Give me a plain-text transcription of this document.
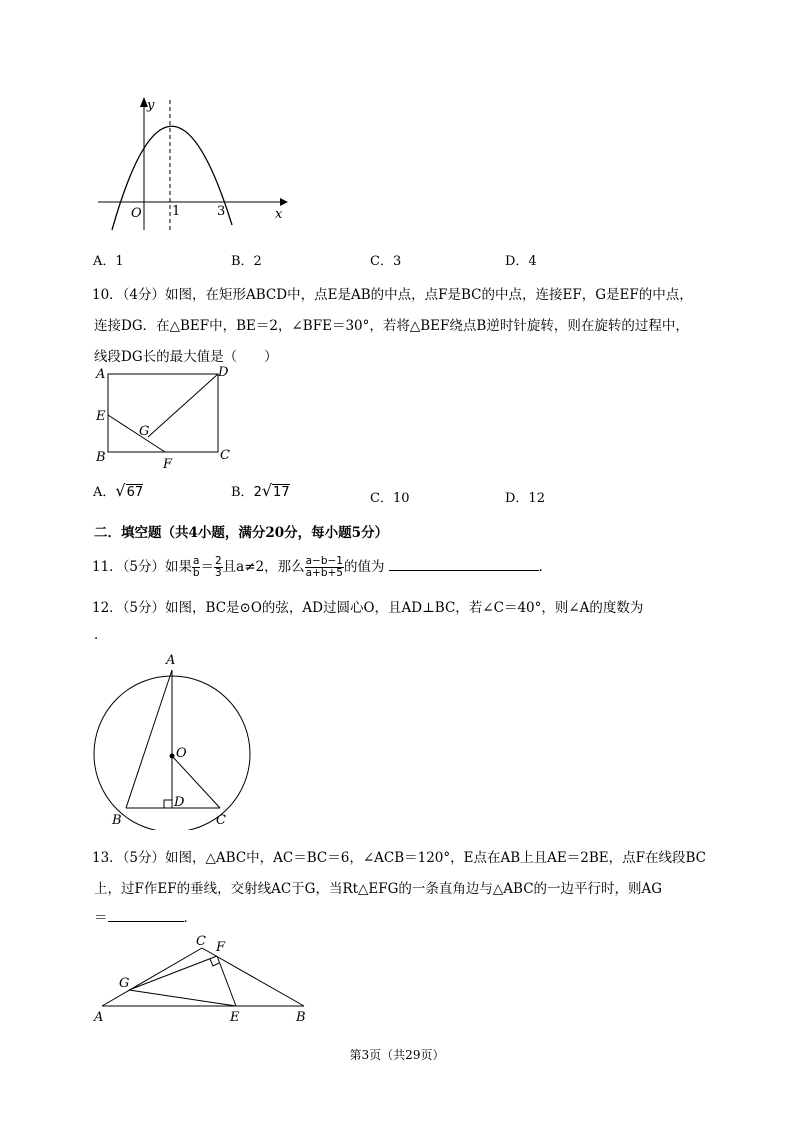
y
x
O 1	3
A．1	B．2	C．3	D．4
10．（4分）如图，在矩形ABCD中，点E是AB的中点，点F是BC的中点，连接EF，G是EF的中点，
连接DG．在△BEF中，BE＝2，∠BFE＝30°，若将△BEF绕点B逆时针旋转，则在旋转的过程中，
线段DG长的最大值是（　　）
A	D
E
G
B	F
C
A．√67	B．2√17	C．10	D．12
二．填空题（共4小题，满分20分，每小题5分）
11．（5分）如果 $\frac{a}{b} = \frac{2}{3}$ 且a≠2，那么 $\frac{a-b-1}{a+b+5}$ 的值为	．
12．（5分）如图，BC是⊙O的弦，AD过圆心O，且AD⊥BC，若∠C＝40°，则∠A的度数为
．
A
O
D
B	C
13．（5分）如图，△ABC中，AC＝BC＝6，∠ACB＝120°，E点在AB上且AE＝2BE，点F在线段BC
上，过F作EF的垂线，交射线AC于G，当Rt△EFG的一条直角边与△ABC的一边平行时，则AG
＝	．
C F
G
A	E	B
第3页（共29页）
